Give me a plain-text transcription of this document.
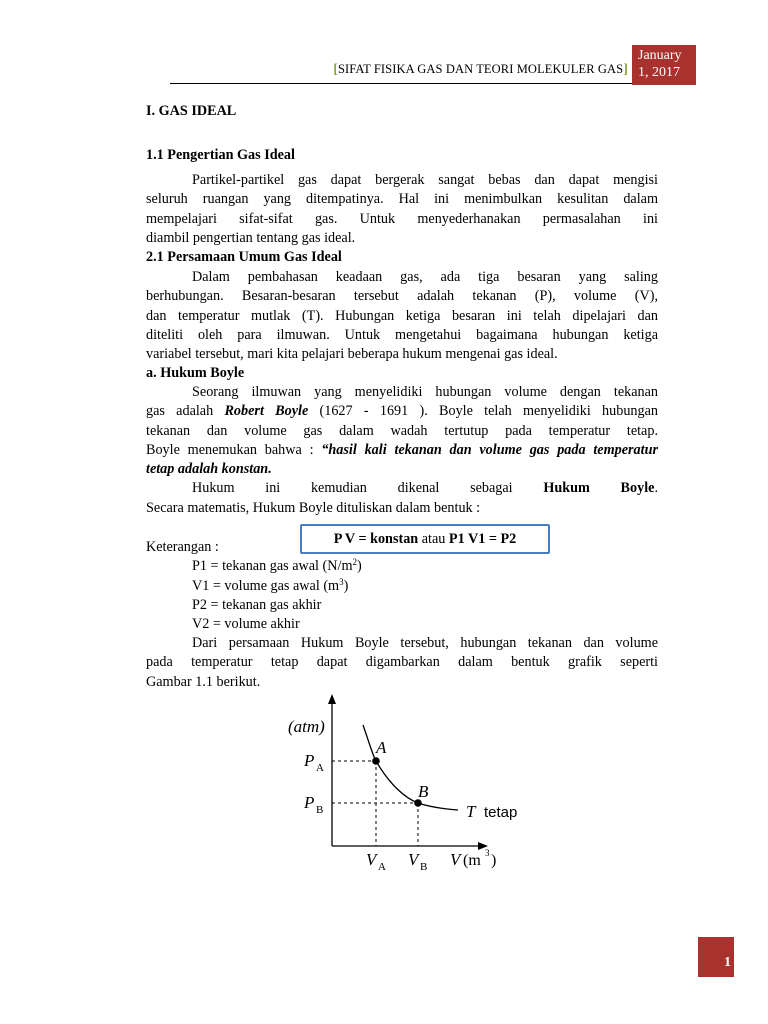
[SIFAT FISIKA GAS DAN TEORI MOLEKULER GAS]
January
1, 2017
I. GAS IDEAL
1.1 Pengertian Gas Ideal
Partikel-partikel gas dapat bergerak sangat bebas dan dapat mengisi
seluruh ruangan yang ditempatinya. Hal ini menimbulkan kesulitan dalam
mempelajari sifat-sifat gas. Untuk menyederhanakan permasalahan ini
diambil pengertian tentang gas ideal.
2.1 Persamaan Umum Gas Ideal
Dalam pembahasan keadaan gas, ada tiga besaran yang saling
berhubungan. Besaran-besaran tersebut adalah tekanan (P), volume (V),
dan temperatur mutlak (T). Hubungan ketiga besaran ini telah dipelajari dan
diteliti oleh para ilmuwan. Untuk mengetahui bagaimana hubungan ketiga
variabel tersebut, mari kita pelajari beberapa hukum mengenai gas ideal.
a. Hukum Boyle
Seorang ilmuwan yang menyelidiki hubungan volume dengan tekanan
gas adalah Robert Boyle (1627 - 1691 ). Boyle telah menyelidiki hubungan
tekanan dan volume gas dalam wadah tertutup pada temperatur tetap.
Boyle menemukan bahwa : “hasil kali tekanan dan volume gas pada temperatur
tetap adalah konstan.
Hukum ini kemudian dikenal sebagai Hukum Boyle.
Secara matematis, Hukum Boyle dituliskan dalam bentuk :
P V = konstan atau P1 V1 = P2
Keterangan :
P1 = tekanan gas awal $(N/m^2)$
V1 = volume gas awal $(m^3)$
P2 = tekanan gas akhir
V2 = volume akhir
Dari persamaan Hukum Boyle tersebut, hubungan tekanan dan volume
pada temperatur tetap dapat digambarkan dalam bentuk grafik seperti
Gambar 1.1 berikut.
(atm)
P A
P B
A
B
T tetap
V A V B V (m 3 )
1
